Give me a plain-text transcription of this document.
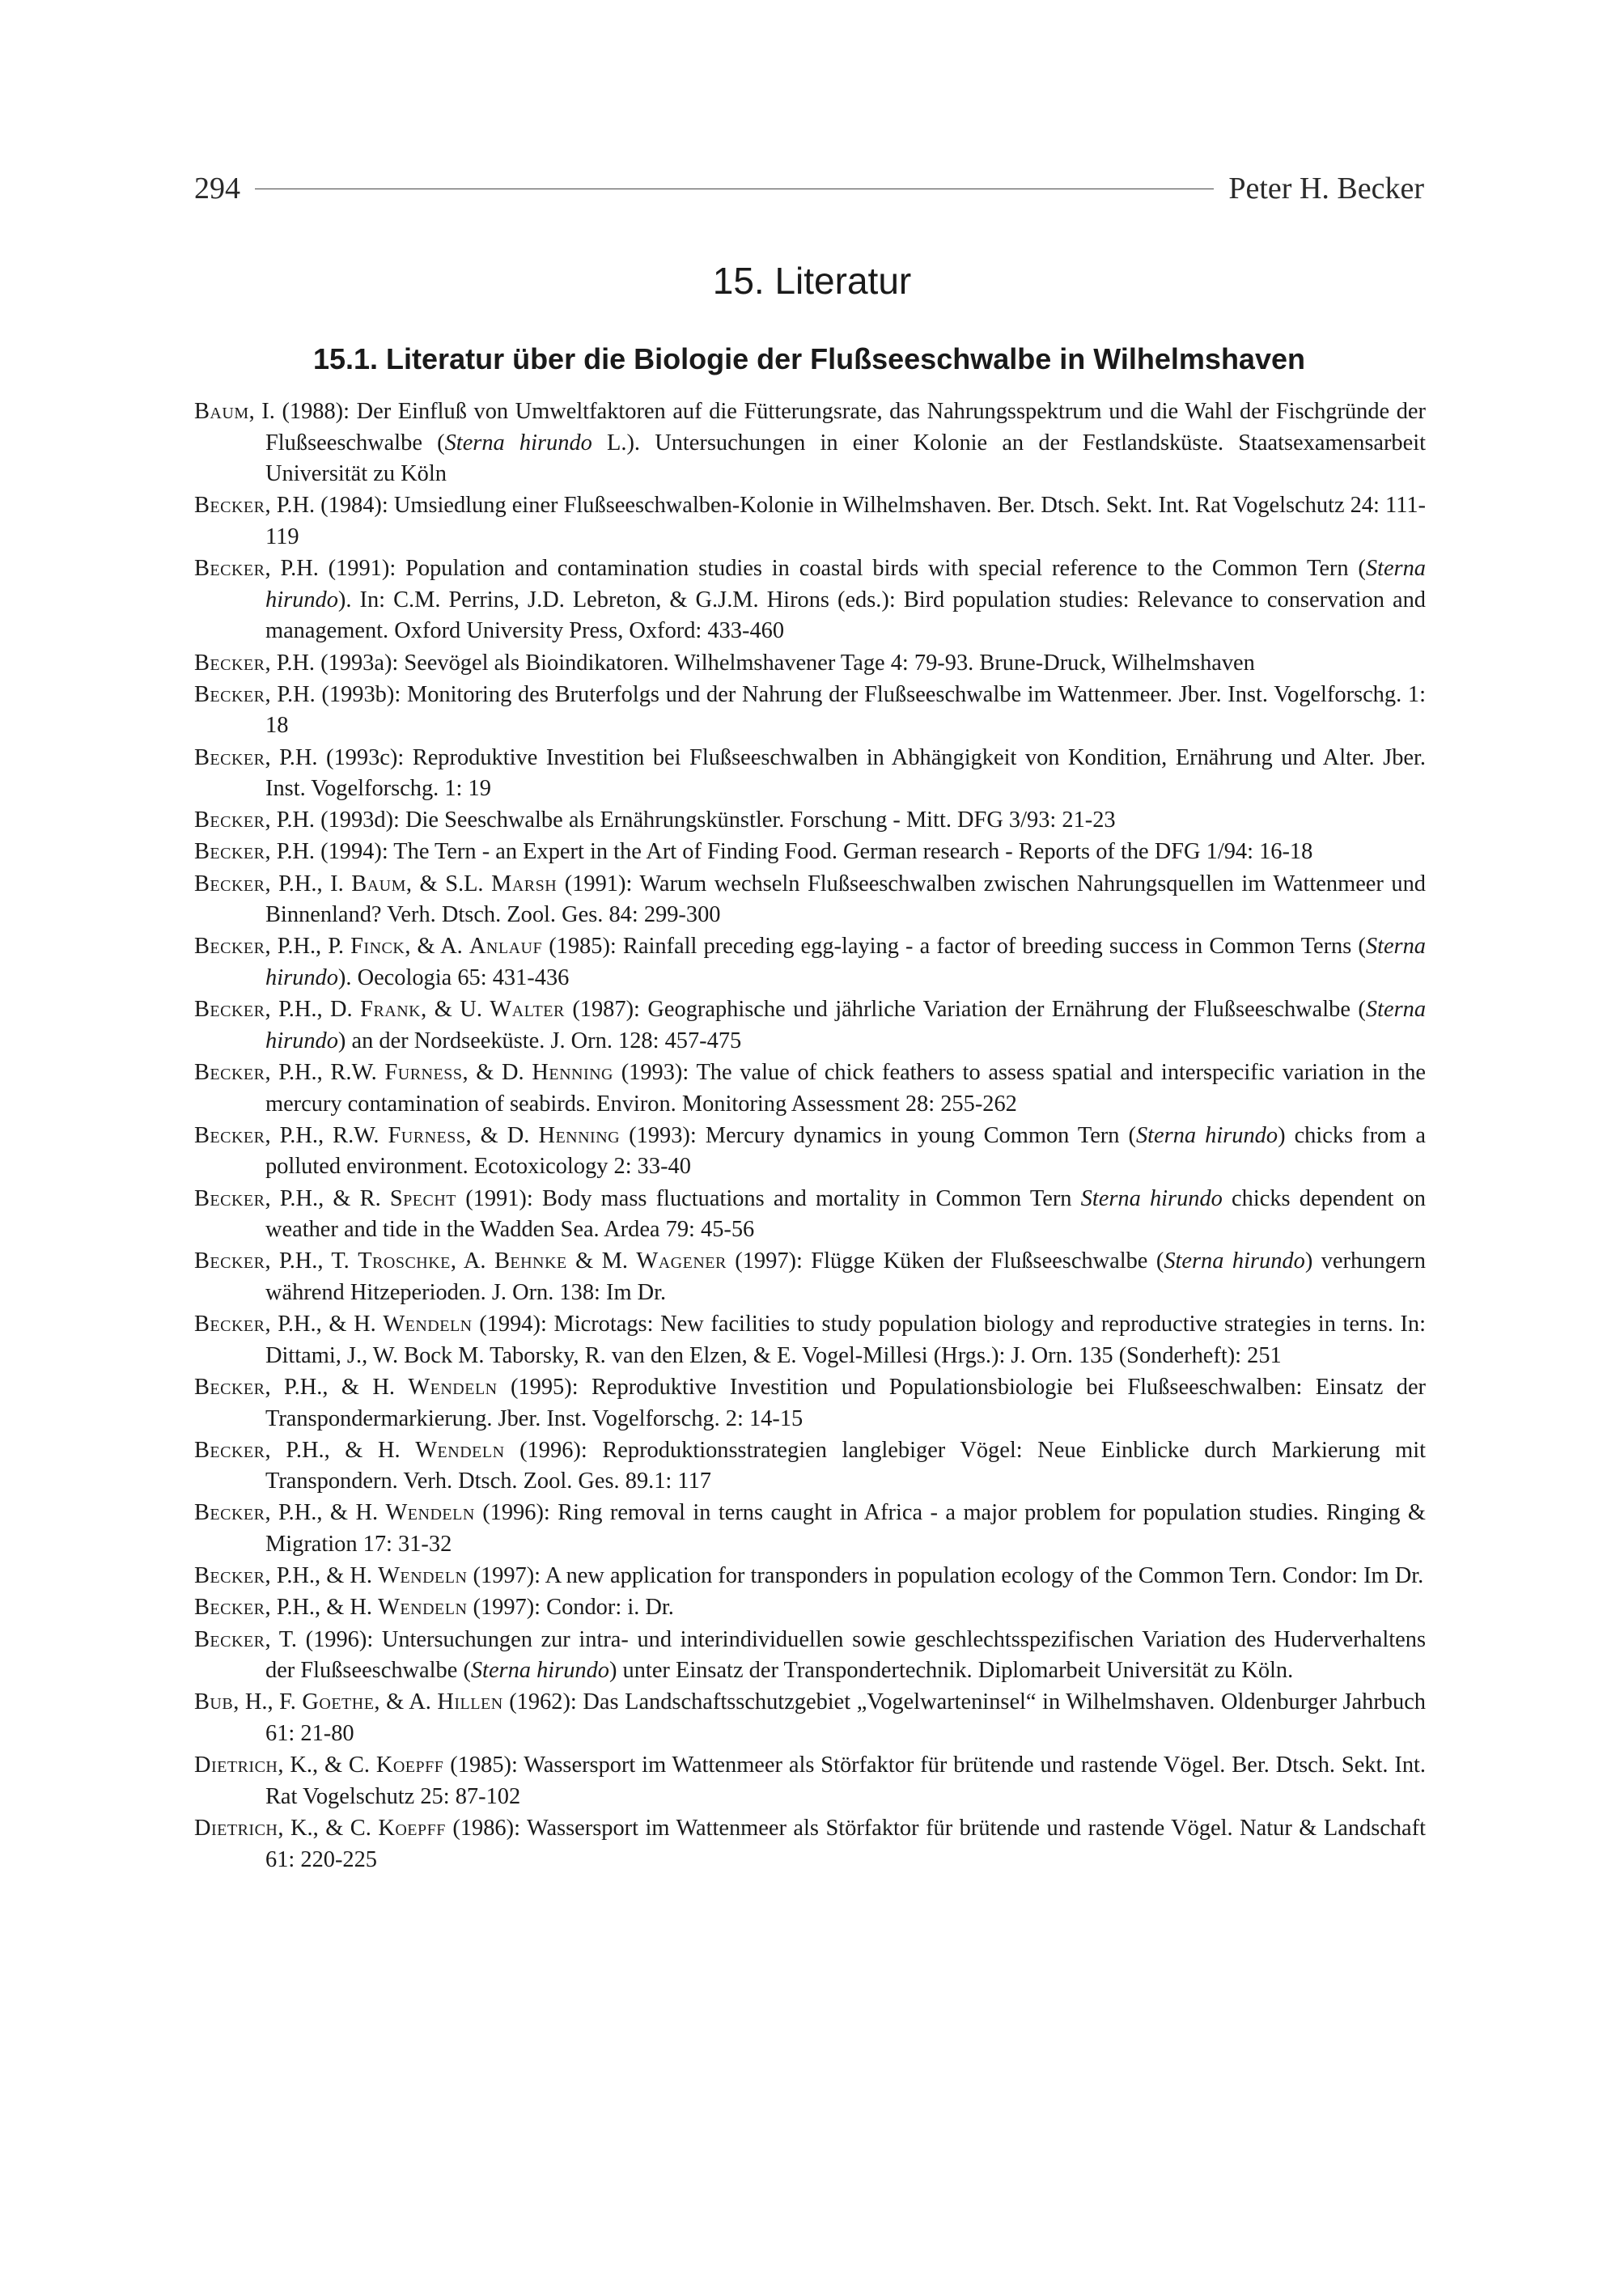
294	Peter H. Becker
15. Literatur
15.1. Literatur über die Biologie der Flußseeschwalbe in Wilhelmshaven

Baum, I. (1988): Der Einfluß von Umweltfaktoren auf die Fütterungsrate, das Nahrungsspektrum und die Wahl der Fischgründe der Flußseeschwalbe (Sterna hirundo L.). Untersuchungen in einer Kolonie an der Festlandsküste. Staatsexamensarbeit Universität zu Köln

Becker, P.H. (1984): Umsiedlung einer Flußseeschwalben-Kolonie in Wilhelmshaven. Ber. Dtsch. Sekt. Int. Rat Vogelschutz 24: 111-119

Becker, P.H. (1991): Population and contamination studies in coastal birds with special reference to the Common Tern (Sterna hirundo). In: C.M. Perrins, J.D. Lebreton, & G.J.M. Hirons (eds.): Bird population studies: Relevance to conservation and management. Oxford University Press, Oxford: 433-460

Becker, P.H. (1993a): Seevögel als Bioindikatoren. Wilhelmshavener Tage 4: 79-93. Brune-Druck, Wilhelmshaven

Becker, P.H. (1993b): Monitoring des Bruterfolgs und der Nahrung der Flußseeschwalbe im Wattenmeer. Jber. Inst. Vogelforschg. 1: 18

Becker, P.H. (1993c): Reproduktive Investition bei Flußseeschwalben in Abhängigkeit von Kondition, Ernährung und Alter. Jber. Inst. Vogelforschg. 1: 19

Becker, P.H. (1993d): Die Seeschwalbe als Ernährungskünstler. Forschung - Mitt. DFG 3/93: 21-23

Becker, P.H. (1994): The Tern - an Expert in the Art of Finding Food. German research - Reports of the DFG 1/94: 16-18

Becker, P.H., I. Baum, & S.L. Marsh (1991): Warum wechseln Flußseeschwalben zwischen Nahrungsquellen im Wattenmeer und Binnenland? Verh. Dtsch. Zool. Ges. 84: 299-300

Becker, P.H., P. Finck, & A. Anlauf (1985): Rainfall preceding egg-laying - a factor of breeding success in Common Terns (Sterna hirundo). Oecologia 65: 431-436

Becker, P.H., D. Frank, & U. Walter (1987): Geographische und jährliche Variation der Ernährung der Flußseeschwalbe (Sterna hirundo) an der Nordseeküste. J. Orn. 128: 457-475

Becker, P.H., R.W. Furness, & D. Henning (1993): The value of chick feathers to assess spatial and interspecific variation in the mercury contamination of seabirds. Environ. Monitoring Assessment 28: 255-262

Becker, P.H., R.W. Furness, & D. Henning (1993): Mercury dynamics in young Common Tern (Sterna hirundo) chicks from a polluted environment. Ecotoxicology 2: 33-40

Becker, P.H., & R. Specht (1991): Body mass fluctuations and mortality in Common Tern Sterna hirundo chicks dependent on weather and tide in the Wadden Sea. Ardea 79: 45-56

Becker, P.H., T. Troschke, A. Behnke & M. Wagener (1997): Flügge Küken der Flußseeschwalbe (Sterna hirundo) verhungern während Hitzeperioden. J. Orn. 138: Im Dr.

Becker, P.H., & H. Wendeln (1994): Microtags: New facilities to study population biology and reproductive strategies in terns. In: Dittami, J., W. Bock M. Taborsky, R. van den Elzen, & E. Vogel-Millesi (Hrgs.): J. Orn. 135 (Sonderheft): 251

Becker, P.H., & H. Wendeln (1995): Reproduktive Investition und Populationsbiologie bei Flußseeschwalben: Einsatz der Transpondermarkierung. Jber. Inst. Vogelforschg. 2: 14-15

Becker, P.H., & H. Wendeln (1996): Reproduktionsstrategien langlebiger Vögel: Neue Einblicke durch Markierung mit Transpondern. Verh. Dtsch. Zool. Ges. 89.1: 117

Becker, P.H., & H. Wendeln (1996): Ring removal in terns caught in Africa - a major problem for population studies. Ringing & Migration 17: 31-32

Becker, P.H., & H. Wendeln (1997): A new application for transponders in population ecology of the Common Tern. Condor: Im Dr.

Becker, P.H., & H. Wendeln (1997): Condor: i. Dr.

Becker, T. (1996): Untersuchungen zur intra- und interindividuellen sowie geschlechtsspezifischen Variation des Huderverhaltens der Flußseeschwalbe (Sterna hirundo) unter Einsatz der Transpondertechnik. Diplomarbeit Universität zu Köln.

Bub, H., F. Goethe, & A. Hillen (1962): Das Landschaftsschutzgebiet „Vogelwarteninsel“ in Wilhelmshaven. Oldenburger Jahrbuch 61: 21-80

Dietrich, K., & C. Koepff (1985): Wassersport im Wattenmeer als Störfaktor für brütende und rastende Vögel. Ber. Dtsch. Sekt. Int. Rat Vogelschutz 25: 87-102

Dietrich, K., & C. Koepff (1986): Wassersport im Wattenmeer als Störfaktor für brütende und rastende Vögel. Natur & Landschaft 61: 220-225
